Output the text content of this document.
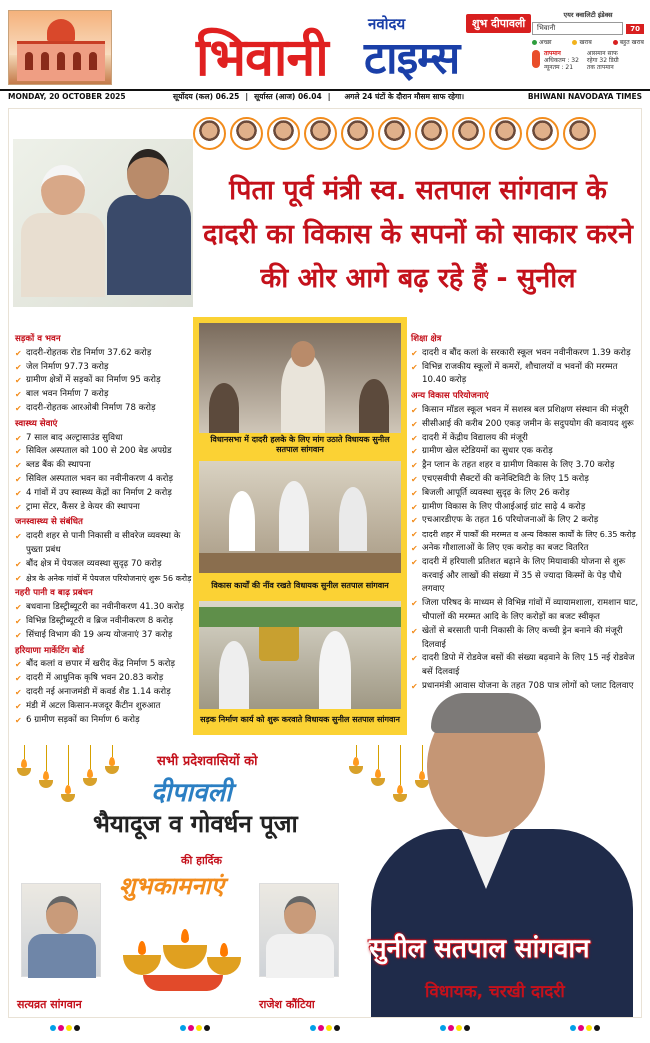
भिवानी
नवोदय
टाइम्स
शुभ दीपावली
एयर क्वालिटी इंडेक्स
भिवानी	70
अच्छा	खराब	बहुत खराब
तापमान
अधिकतम : 32
न्यूनतम : 21
आसमान साफ
रहेगा 32 डिग्री
तक तापमान
MONDAY, 20 OCTOBER 2025	सूर्योदय (कल) 06.25 | सूर्यास्त (आज) 06.04 | अगले 24 घंटों के दौरान मौसम साफ रहेगा।	BHIWANI NAVODAYA TIMES
पिता पूर्व मंत्री स्व. सतपाल सांगवान के दादरी का विकास के सपनों को साकार करने की ओर आगे बढ़ रहे हैं - सुनील
सड़कों व भवन
✔ दादरी-रोहतक रोड निर्माण 37.62 करोड़
✔ जेल निर्माण 97.73 करोड़
✔ ग्रामीण क्षेत्रों में सड़कों का निर्माण 95 करोड़
✔ बाल भवन निर्माण 7 करोड़
✔ दादरी-रोहतक आरओबी निर्माण 78 करोड़
स्वास्थ्य सेवाएं
✔ 7 साल बाद अल्ट्रासाउंड सुविधा
✔ सिविल अस्पताल को 100 से 200 बेड अपग्रेड
✔ ब्लड बैंक की स्थापना
✔ सिविल अस्पताल भवन का नवीनीकरण 4 करोड़
✔ 4 गांवों में उप स्वास्थ्य केंद्रों का निर्माण 2 करोड़
✔ ट्रामा सेंटर, कैंसर डे केयर की स्थापना
जनस्वास्थ्य से संबंधित
✔ दादरी शहर से पानी निकासी व सीवरेज व्यवस्था के पुख्ता प्रबंध
✔ बौंद क्षेत्र में पेयजल व्यवस्था सुदृढ़ 70 करोड़
✔ क्षेत्र के अनेक गांवों में पेयजल परियोजनाएं शुरू 56 करोड़
नहरी पानी व बाढ़ प्रबंधन
✔ बधवाना डिस्ट्रीब्यूटरी का नवीनीकरण 41.30 करोड़
✔ विभिन्न डिस्ट्रीब्यूटरी व ब्रिज नवीनीकरण 8 करोड़
✔ सिंचाई विभाग की 19 अन्य योजनाएं 37 करोड़
हरियाणा मार्केटिंग बोर्ड
✔ बौंद कलां व छपार में खरीद केंद्र निर्माण 5 करोड़
✔ दादरी में आधुनिक कृषि भवन 20.83 करोड़
✔ दादरी नई अनाजमंडी में कवर्ड शैड 1.14 करोड़
✔ मंडी में अटल किसान-मजदूर कैंटीन शुरुआत
✔ 6 ग्रामीण सड़कों का निर्माण 6 करोड़
विधानसभा में दादरी हलके के लिए मांग उठाते विधायक सुनील सतपाल सांगवान
विकास कार्यों की नींव रखते विधायक सुनील सतपाल सांगवान
सड़क निर्माण कार्य को शुरू करवाते विधायक सुनील सतपाल सांगवान
शिक्षा क्षेत्र
✔ दादरी व बौंद कलां के सरकारी स्कूल भवन नवीनीकरण 1.39 करोड़
✔ विभिन्न राजकीय स्कूलों में कमरों, शौचालयों व भवनों की मरम्मत 10.40 करोड़
अन्य विकास परियोजनाएं
✔ किसान मॉडल स्कूल भवन में सशस्त्र बल प्रशिक्षण संस्थान की मंजूरी
✔ सीसीआई की करीब 200 एकड़ जमीन के सदुपयोग की कवायद शुरू
✔ दादरी में केंद्रीय विद्यालय की मंजूरी
✔ ग्रामीण खेल स्टेडियमों का सुधार एक करोड़
✔ ड्रैन प्लान के तहत शहर व ग्रामीण विकास के लिए 3.70 करोड़
✔ एचएसवीपी सैक्टरों की कनेक्टिविटी के लिए 15 करोड़
✔ बिजली आपूर्ति व्यवस्था सुदृढ़ के लिए 26 करोड़
✔ ग्रामीण विकास के लिए पीआईआई ग्रांट साढ़े 4 करोड़
✔ एचआरडीएफ के तहत 16 परियोजनाओं के लिए 2 करोड़
✔ दादरी शहर में पार्कों की मरम्मत व अन्य विकास कार्यों के लिए 6.35 करोड़
✔ अनेक गौशालाओं के लिए एक करोड़ का बजट वितरित
✔ दादरी में हरियाली प्रतिशत बढ़ाने के लिए मियावाकी योजना से शुरू करवाई और लाखों की संख्या में 35 से ज्यादा किस्मों के पेड़ पौधे लगवाए
✔ जिला परिषद के माध्यम से विभिन्न गांवों में व्यायामशाला, रामशान घाट, चौपालों की मरम्मत आदि के लिए करोड़ों का बजट स्वीकृत
✔ खेतों से बरसाती पानी निकासी के लिए कच्ची ड्रेन बनाने की मंजूरी दिलवाई
✔ दादरी डिपो में रोडवेज बसों की संख्या बढ़वाने के लिए 15 नई रोडवेज बसें दिलवाई
✔ प्रधानमंत्री आवास योजना के तहत 708 पात्र लोगों को प्लाट दिलवाए
सभी प्रदेशवासियों को
दीपावली
भैयादूज व गोवर्धन पूजा
की हार्दिक
शुभकामनाएं
सत्यव्रत सांगवान	राजेश कौंटिया
सुनील सतपाल सांगवान
विधायक, चरखी दादरी
